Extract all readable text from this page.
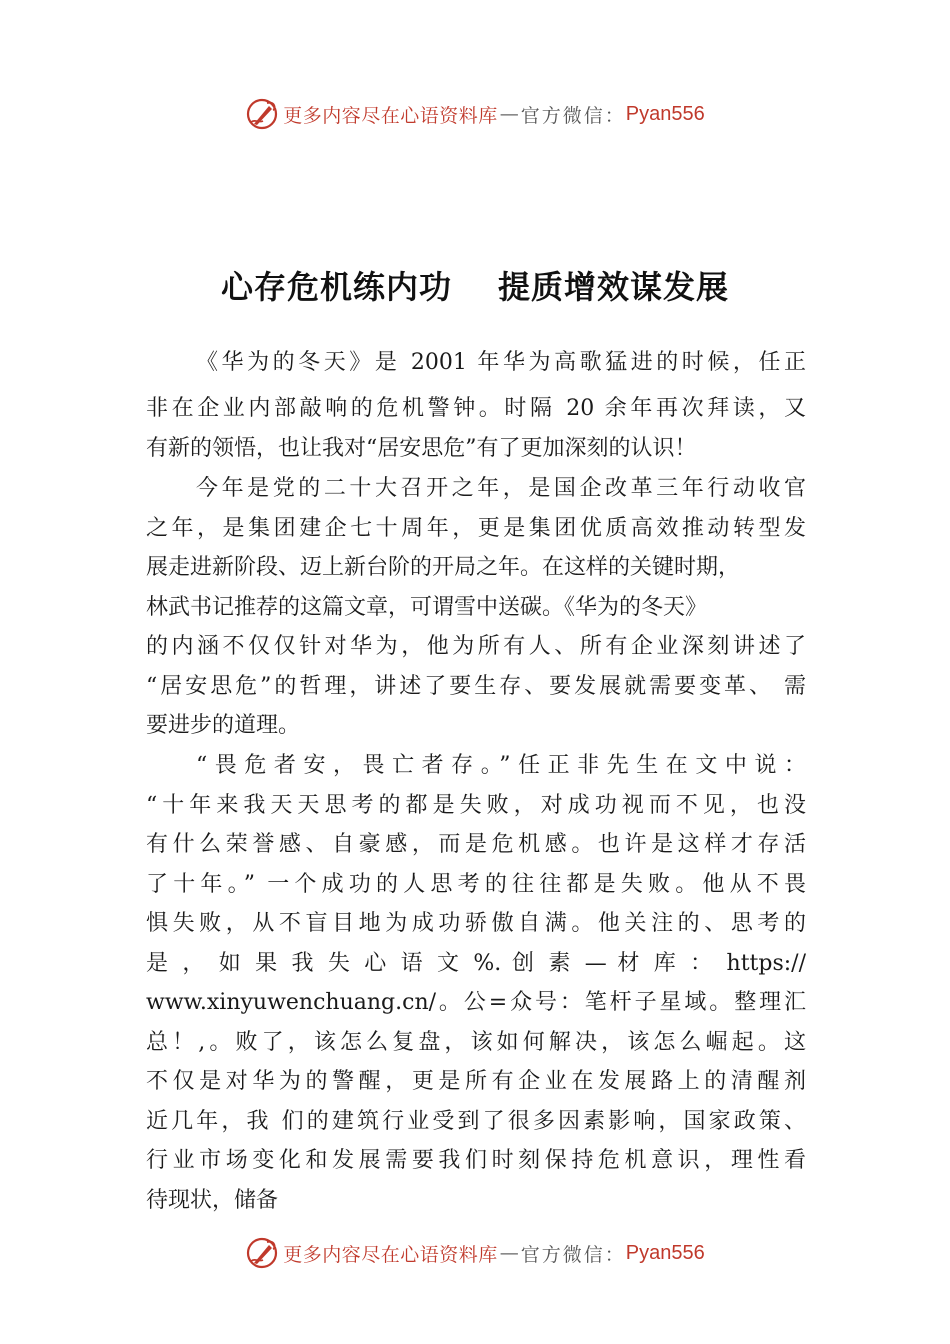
更多内容尽在心语资料库 — 官方微信： Pyan556
心存危机练内功 提质增效谋发展
《华为的冬天》是 2001 年华为高歌猛进的时候，任正
非在企业内部敲响的危机警钟。时隔 20 余年再次拜读，又
有新的领悟，也让我对“居安思危”有了更加深刻的认识！
今年是党的二十大召开之年，是国企改革三年行动收官
之年，是集团建企七十周年，更是集团优质高效推动转型发
展走进新阶段、迈上新台阶的开局之年。在这样的关键时期，
林武书记推荐的这篇文章，可谓雪中送碳。《华为的冬天》
的内涵不仅仅针对华为，他为所有人、所有企业深刻讲述了
“居安思危”的哲理，讲述了要生存、要发展就需要变革、 需
要进步的道理。
“畏危者安，畏亡者存。”任正非先生在文中说：
“十年来我天天思考的都是失败，对成功视而不见，也没
有什么荣誉感、自豪感，而是危机感。也许是这样才存活
了十年。” 一个成功的人思考的往往都是失败。他从不畏
惧失败，从不盲目地为成功骄傲自满。他关注的、思考的
是 ， 如 果 我 失 心 语 文 %. 创 素 — 材 库 ： https://
www.xinyuwenchuang.cn/。公=众号：笔杆子星域。整理汇
总！,。败了，该怎么复盘，该如何解决，该怎么崛起。这
不仅是对华为的警醒，更是所有企业在发展路上的清醒剂
近几年，我 们的建筑行业受到了很多因素影响，国家政策、
行业市场变化和发展需要我们时刻保持危机意识，理性看
待现状，储备
更多内容尽在心语资料库 — 官方微信： Pyan556
